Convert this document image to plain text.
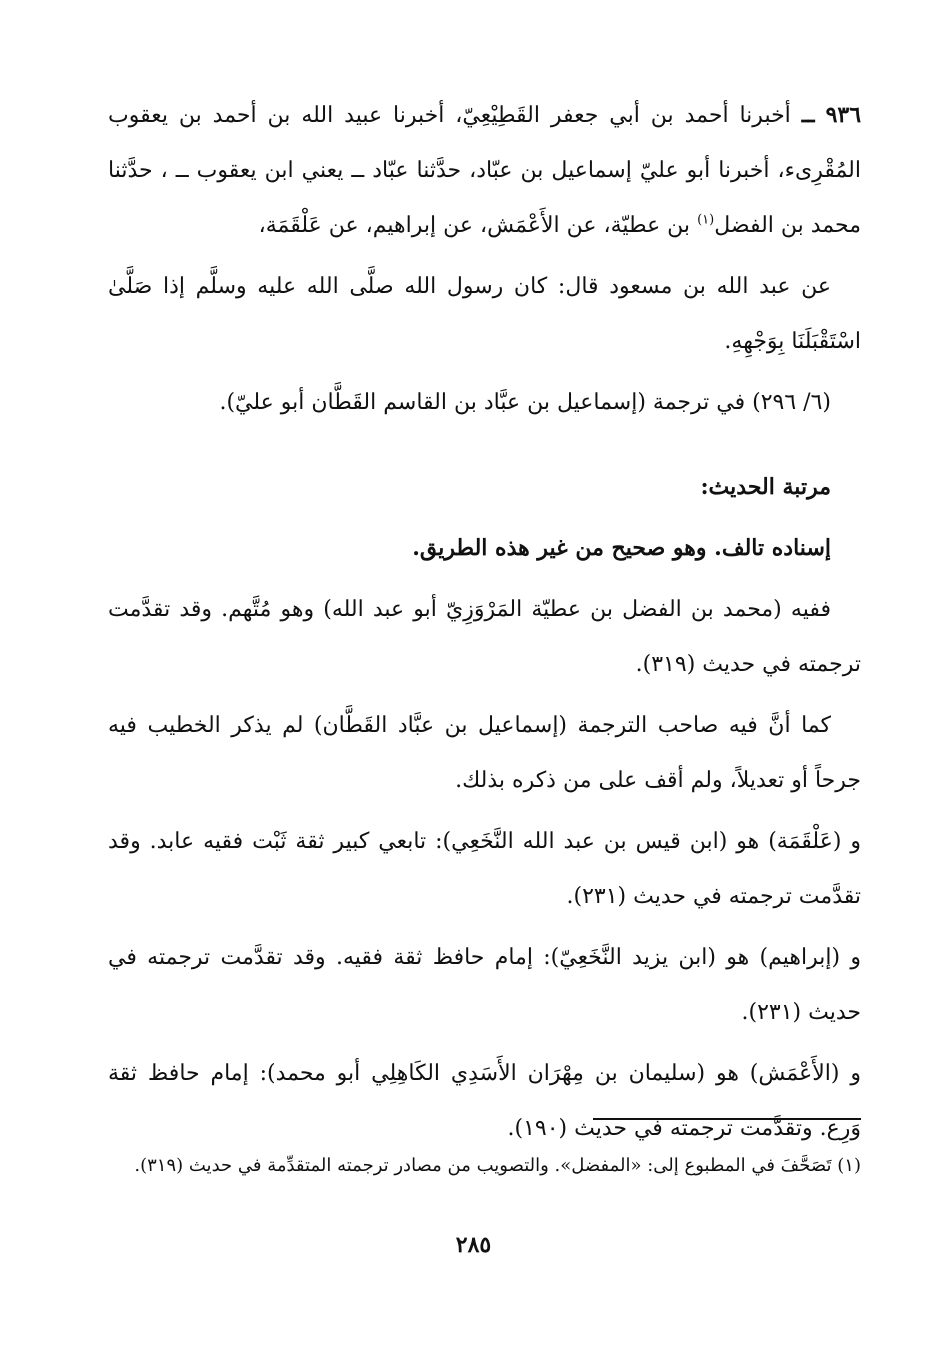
٩٣٦ ــ أخبرنا أحمد بن أبي جعفر القَطِيْعِيّ، أخبرنا عبيد الله بن أحمد بن يعقوب المُقْرِىء، أخبرنا أبو عليّ إسماعيل بن عبّاد، حدَّثنا عبّاد ــ يعني ابن يعقوب ــ ، حدَّثنا محمد بن الفضل$^{(١)}$ بن عطيّة، عن الأَعْمَش، عن إبراهيم، عن عَلْقَمَة،

عن عبد الله بن مسعود قال: كان رسول الله صلَّى الله عليه وسلَّم إذا صَلَّىٰ اسْتَقْبَلَنَا بِوَجْهِهِ.

(٦/ ٢٩٦) في ترجمة (إسماعيل بن عبَّاد بن القاسم القَطَّان أبو عليّ).

مرتبة الحديث:

إسناده تالف. وهو صحيح من غير هذه الطريق.

ففيه (محمد بن الفضل بن عطيّة المَرْوَزِيّ أبو عبد الله) وهو مُتَّهم. وقد تقدَّمت ترجمته في حديث (٣١٩).

كما أنَّ فيه صاحب الترجمة (إسماعيل بن عبَّاد القَطَّان) لم يذكر الخطيب فيه جرحاً أو تعديلاً، ولم أقف على من ذكره بذلك.

و (عَلْقَمَة) هو (ابن قيس بن عبد الله النَّخَعِي): تابعي كبير ثقة ثَبْت فقيه عابد. وقد تقدَّمت ترجمته في حديث (٢٣١).

و (إبراهيم) هو (ابن يزيد النَّخَعِيّ): إمام حافظ ثقة فقيه. وقد تقدَّمت ترجمته في حديث (٢٣١).

و (الأَعْمَش) هو (سليمان بن مِهْرَان الأَسَدِي الكَاهِلِي أبو محمد): إمام حافظ ثقة وَرِع. وتقدَّمت ترجمته في حديث (١٩٠).

(١) تَصَحَّفَ في المطبوع إلى: «المفضل». والتصويب من مصادر ترجمته المتقدِّمة في حديث (٣١٩).

٢٨٥
